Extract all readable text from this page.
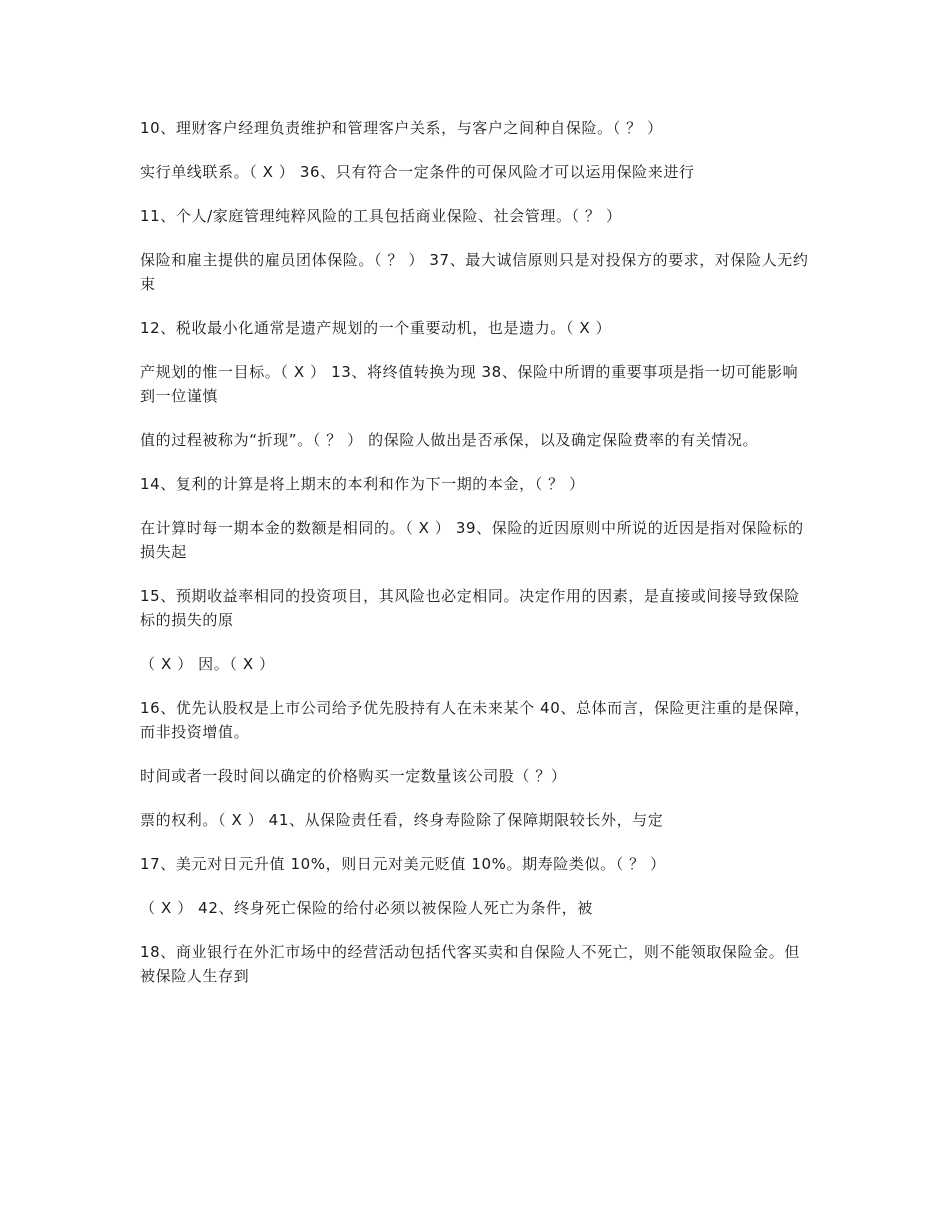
10、理财客户经理负责维护和管理客户关系，与客户之间种自保险。（ ？ ）

实行单线联系。（ X ） 36、只有符合一定条件的可保风险才可以运用保险来进行

11、个人/家庭管理纯粹风险的工具包括商业保险、社会管理。（ ？ ）

保险和雇主提供的雇员团体保险。（ ？ ） 37、最大诚信原则只是对投保方的要求，对保险人无约束

12、税收最小化通常是遗产规划的一个重要动机，也是遗力。（ X ）

产规划的惟一目标。（ X ） 13、将终值转换为现 38、保险中所谓的重要事项是指一切可能影响到一位谨慎

值的过程被称为“折现”。（ ？ ） 的保险人做出是否承保，以及确定保险费率的有关情况。

14、复利的计算是将上期末的本利和作为下一期的本金，（ ？ ）

在计算时每一期本金的数额是相同的。（ X ） 39、保险的近因原则中所说的近因是指对保险标的损失起

15、预期收益率相同的投资项目，其风险也必定相同。决定作用的因素，是直接或间接导致保险标的损失的原

（ X ） 因。（ X ）

16、优先认股权是上市公司给予优先股持有人在未来某个 40、总体而言，保险更注重的是保障，而非投资增值。

时间或者一段时间以确定的价格购买一定数量该公司股（ ？）

票的权利。（ X ） 41、从保险责任看，终身寿险除了保障期限较长外，与定

17、美元对日元升值 10%，则日元对美元贬值 10%。期寿险类似。（ ？ ）

（ X ） 42、终身死亡保险的给付必须以被保险人死亡为条件，被

18、商业银行在外汇市场中的经营活动包括代客买卖和自保险人不死亡，则不能领取保险金。但被保险人生存到
